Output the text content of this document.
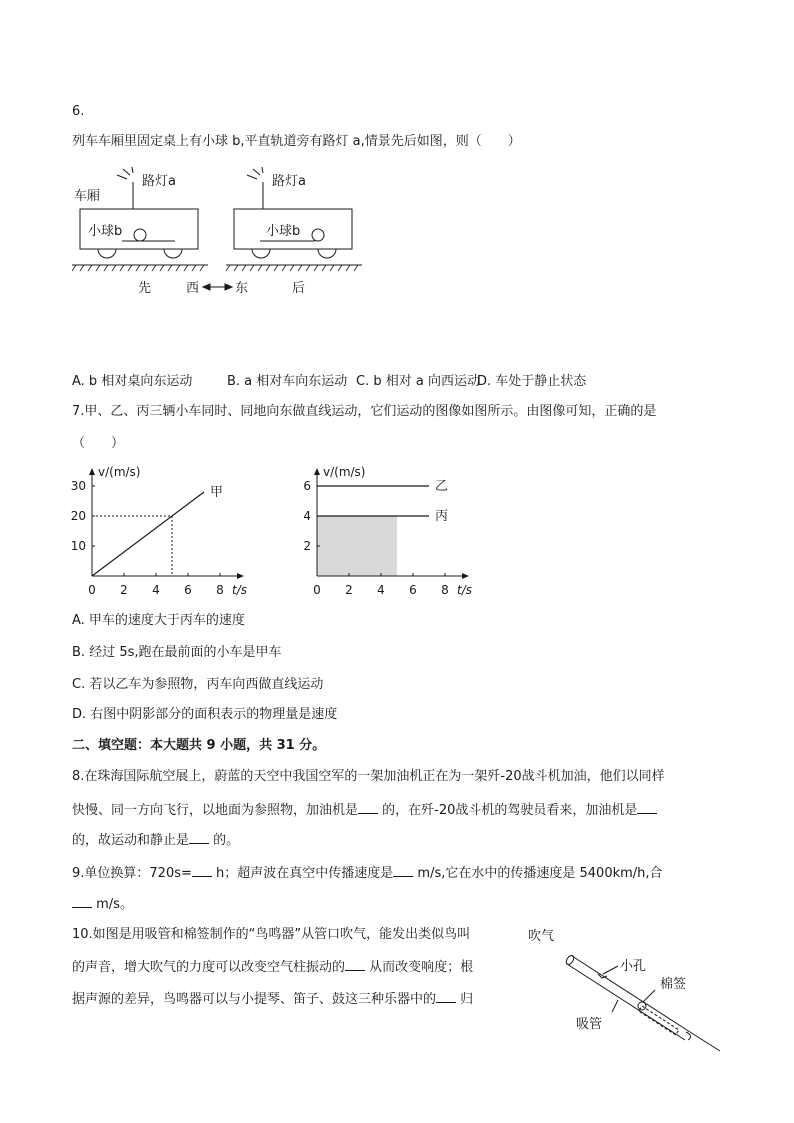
6.
列车车厢里固定桌上有小球 b,平直轨道旁有路灯 a,情景先后如图，则（　　）
车厢
路灯a
小球b
路灯a
小球b
先	西	东	后
A. b 相对桌向东运动	B. a 相对车向东运动 C. b 相对 a 向西运动
D. 车处于静止状态
7.甲、乙、丙三辆小车同时、同地向东做直线运动，它们运动的图像如图所示。由图像可知，正确的是
（　　）
v/(m/s)
t/s
0 2 4 6 8
10
20
30	甲
v/(m/s)
t/s
0 2 4 6 8
2
4
6	乙
丙
A. 甲车的速度大于丙车的速度
B. 经过 5s,跑在最前面的小车是甲车
C. 若以乙车为参照物，丙车向西做直线运动
D. 右图中阴影部分的面积表示的物理量是速度
二、填空题：本大题共 9 小题，共 31 分。
8.在珠海国际航空展上，蔚蓝的天空中我国空军的一架加油机正在为一架歼-20战斗机加油，他们以同样
快慢、同一方向飞行，以地面为参照物，加油机是 的，在歼-20战斗机的驾驶员看来，加油机是
的，故运动和静止是 的。
9.单位换算：720s= h；超声波在真空中传播速度是 m/s,它在水中的传播速度是 5400km/h,合
m/s。
10.如图是用吸管和棉签制作的“鸟鸣器”从管口吹气，能发出类似鸟叫
的声音，增大吹气的力度可以改变空气柱振动的 从而改变响度；根
据声源的差异，鸟鸣器可以与小提琴、笛子、鼓这三种乐器中的 归
吹气
小孔
棉签
吸管
